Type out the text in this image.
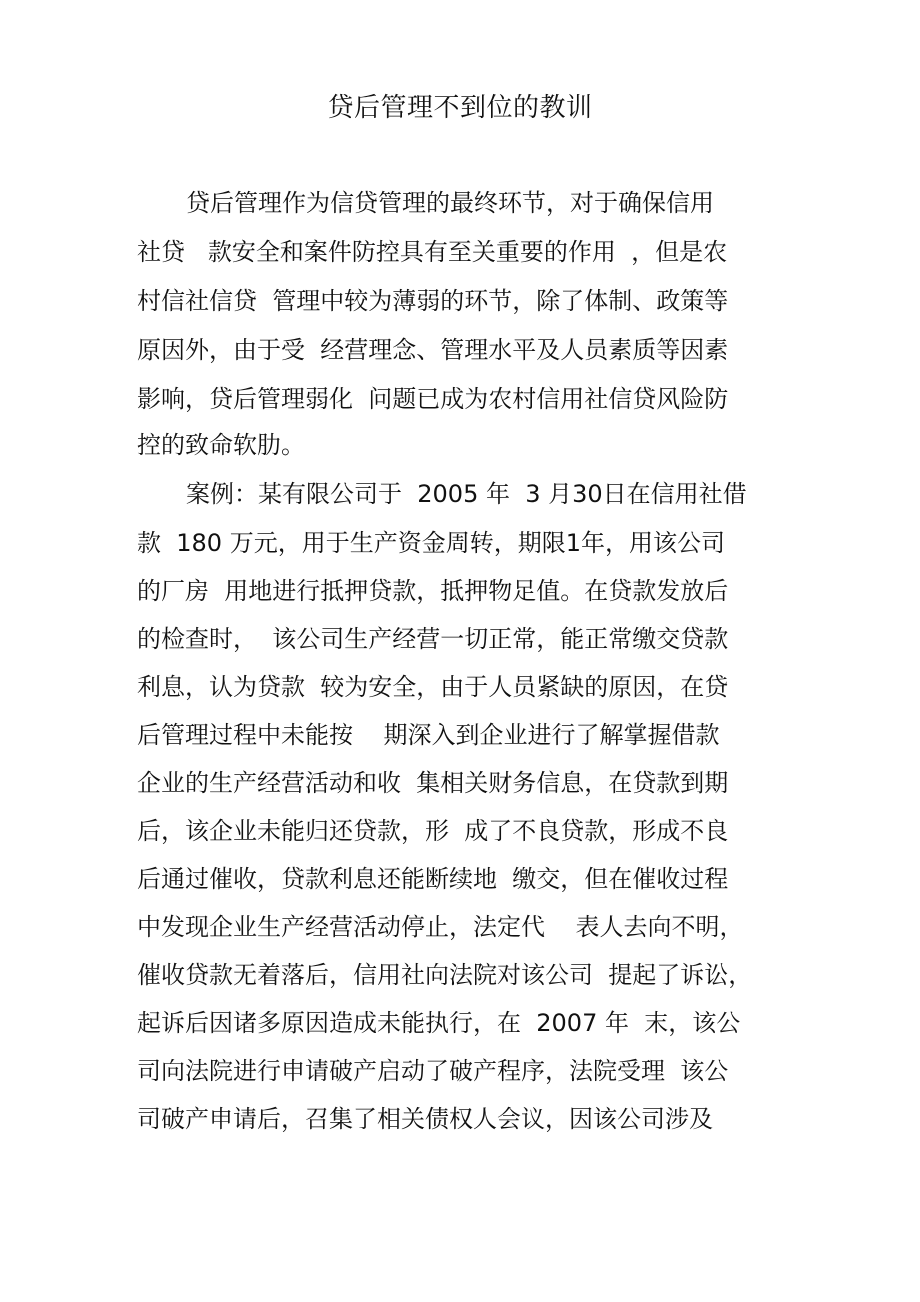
贷后管理不到位的教训

贷后管理作为信贷管理的最终环节，对于确保信用

社贷   款安全和案件防控具有至关重要的作用  ，但是农

村信社信贷  管理中较为薄弱的环节，除了体制、政策等

原因外，由于受  经营理念、管理水平及人员素质等因素

影响，贷后管理弱化  问题已成为农村信用社信贷风险防

控的致命软肋。

案例：某有限公司于  2005 年  3 月30日在信用社借

款  180 万元，用于生产资金周转，期限1年，用该公司

的厂房  用地进行抵押贷款，抵押物足值。在贷款发放后

的检查时，  该公司生产经营一切正常，能正常缴交贷款

利息，认为贷款  较为安全，由于人员紧缺的原因，在贷

后管理过程中未能按    期深入到企业进行了解掌握借款

企业的生产经营活动和收  集相关财务信息，在贷款到期

后，该企业未能归还贷款，形  成了不良贷款，形成不良

后通过催收，贷款利息还能断续地  缴交，但在催收过程

中发现企业生产经营活动停止，法定代    表人去向不明，

催收贷款无着落后，信用社向法院对该公司  提起了诉讼，

起诉后因诸多原因造成未能执行，在  2007 年  末，该公

司向法院进行申请破产启动了破产程序，法院受理  该公

司破产申请后，召集了相关债权人会议，因该公司涉及
